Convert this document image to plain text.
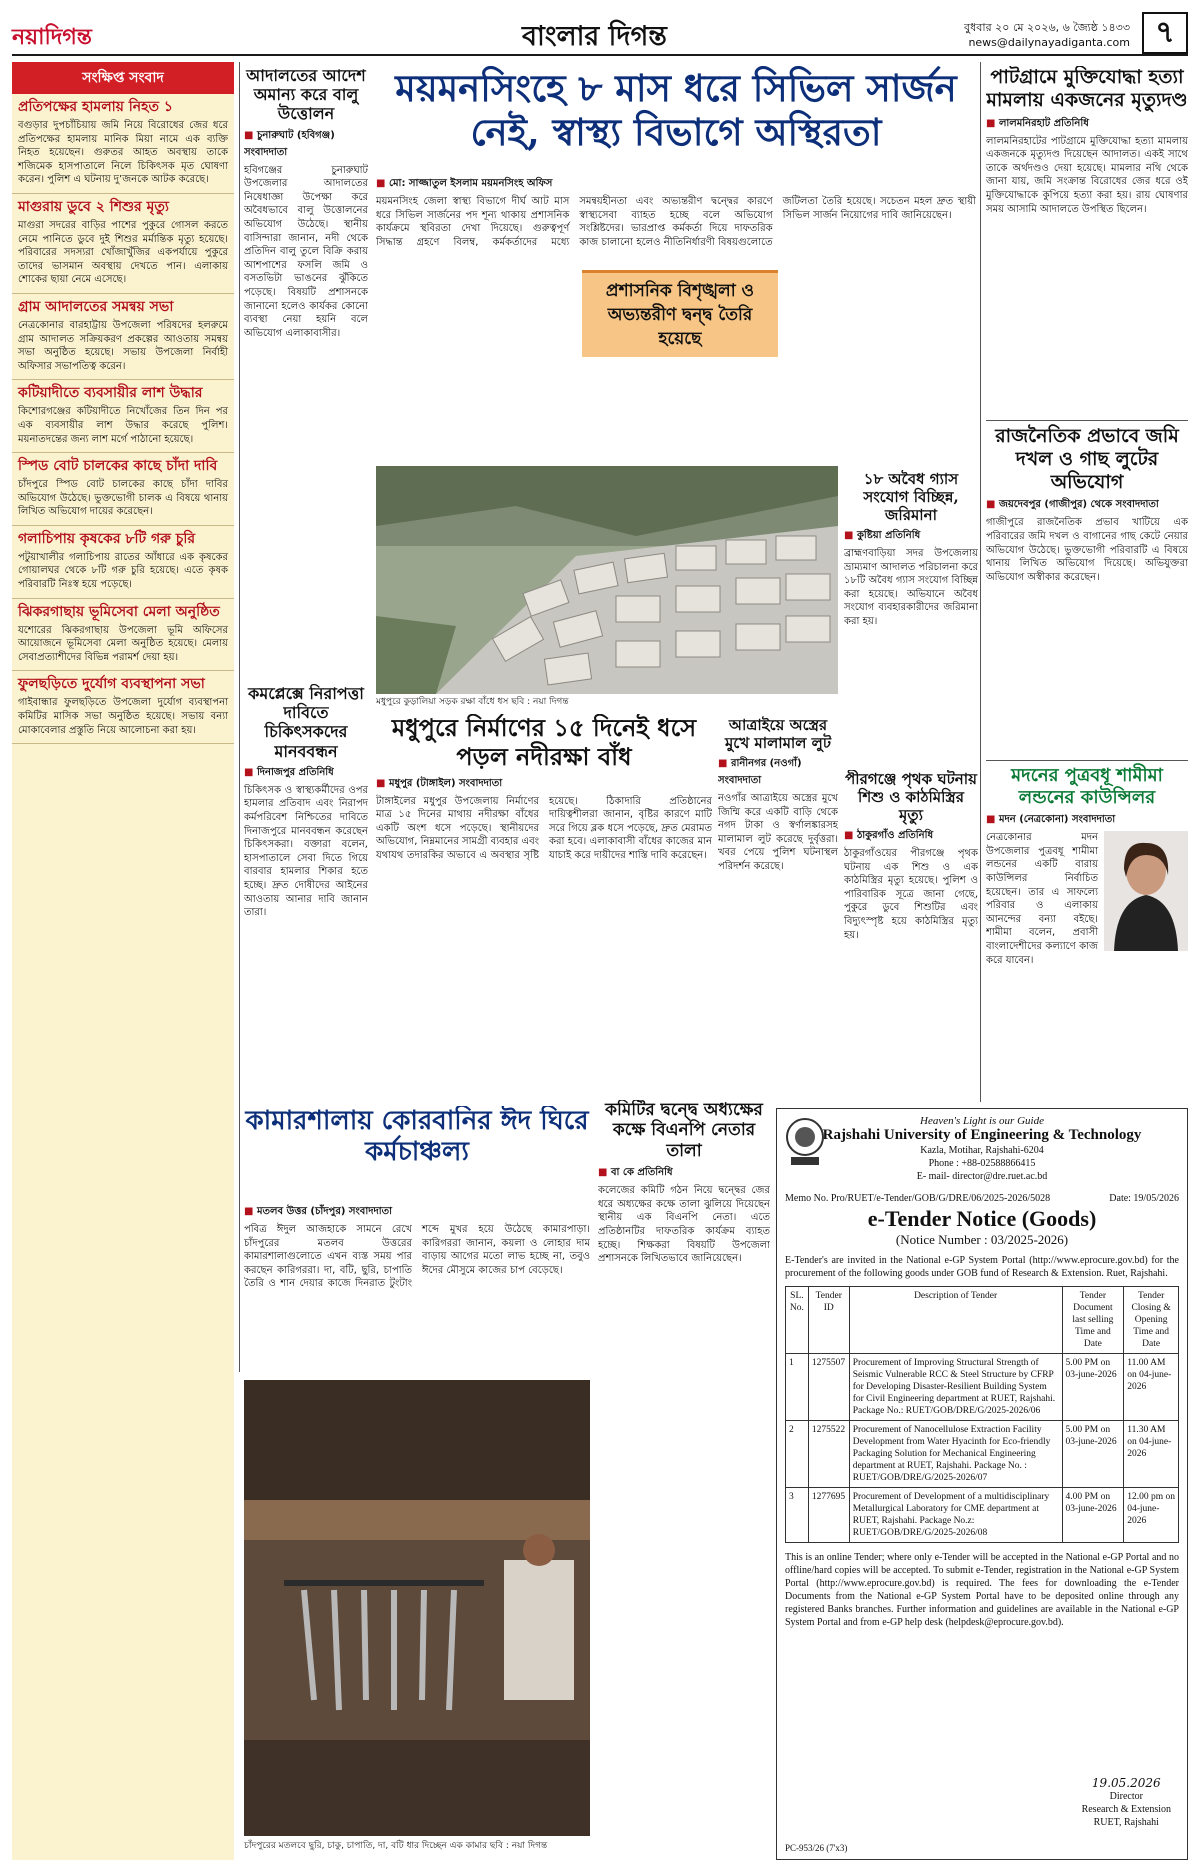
নয়াদিগন্ত	বাংলার দিগন্ত	বুধবার ২০ মে ২০২৬, ৬ জ্যৈষ্ঠ ১৪৩৩
news@dailynayadiganta.com ৭
সংক্ষিপ্ত সংবাদ
প্রতিপক্ষের হামলায় নিহত ১

বগুড়ার দুপচাঁচিয়ায় জমি নিয়ে বিরোধের জের ধরে প্রতিপক্ষের হামলায় মানিক মিয়া নামে এক ব্যক্তি নিহত হয়েছেন। গুরুতর আহত অবস্থায় তাকে শজিমেক হাসপাতালে নিলে চিকিৎসক মৃত ঘোষণা করেন। পুলিশ এ ঘটনায় দু’জনকে আটক করেছে।

মাগুরায় ডুবে ২ শিশুর মৃত্যু

মাগুরা সদরের বাড়ির পাশের পুকুরে গোসল করতে নেমে পানিতে ডুবে দুই শিশুর মর্মান্তিক মৃত্যু হয়েছে। পরিবারের সদস্যরা খোঁজাখুঁজির একপর্যায়ে পুকুরে তাদের ভাসমান অবস্থায় দেখতে পান। এলাকায় শোকের ছায়া নেমে এসেছে।

গ্রাম আদালতের সমন্বয় সভা

নেত্রকোনার বারহাট্টায় উপজেলা পরিষদের হলরুমে গ্রাম আদালত সক্রিয়করণ প্রকল্পের আওতায় সমন্বয় সভা অনুষ্ঠিত হয়েছে। সভায় উপজেলা নির্বাহী অফিসার সভাপতিত্ব করেন।

কটিয়াদীতে ব্যবসায়ীর লাশ উদ্ধার

কিশোরগঞ্জের কটিয়াদীতে নিখোঁজের তিন দিন পর এক ব্যবসায়ীর লাশ উদ্ধার করেছে পুলিশ। ময়নাতদন্তের জন্য লাশ মর্গে পাঠানো হয়েছে।

স্পিড বোট চালকের কাছে চাঁদা দাবি

চাঁদপুরে স্পিড বোট চালকের কাছে চাঁদা দাবির অভিযোগ উঠেছে। ভুক্তভোগী চালক এ বিষয়ে থানায় লিখিত অভিযোগ দায়ের করেছেন।

গলাচিপায় কৃষকের ৮টি গরু চুরি

পটুয়াখালীর গলাচিপায় রাতের আঁধারে এক কৃষকের গোয়ালঘর থেকে ৮টি গরু চুরি হয়েছে। এতে কৃষক পরিবারটি নিঃস্ব হয়ে পড়েছে।

ঝিকরগাছায় ভূমিসেবা মেলা অনুষ্ঠিত

যশোরের ঝিকরগাছায় উপজেলা ভূমি অফিসের আয়োজনে ভূমিসেবা মেলা অনুষ্ঠিত হয়েছে। মেলায় সেবাপ্রত্যাশীদের বিভিন্ন পরামর্শ দেয়া হয়।

ফুলছড়িতে দুর্যোগ ব্যবস্থাপনা সভা

গাইবান্ধার ফুলছড়িতে উপজেলা দুর্যোগ ব্যবস্থাপনা কমিটির মাসিক সভা অনুষ্ঠিত হয়েছে। সভায় বন্যা মোকাবেলার প্রস্তুতি নিয়ে আলোচনা করা হয়।

আদালতের আদেশ অমান্য করে বালু উত্তোলন
■ চুনারুঘাট (হবিগঞ্জ) সংবাদদাতা
হবিগঞ্জের চুনারুঘাট উপজেলার আদালতের নিষেধাজ্ঞা উপেক্ষা করে অবৈধভাবে বালু উত্তোলনের অভিযোগ উঠেছে। স্থানীয় বাসিন্দারা জানান, নদী থেকে প্রতিদিন বালু তুলে বিক্রি করায় আশপাশের ফসলি জমি ও বসতভিটা ভাঙনের ঝুঁকিতে পড়েছে। বিষয়টি প্রশাসনকে জানানো হলেও কার্যকর কোনো ব্যবস্থা নেয়া হয়নি বলে অভিযোগ এলাকাবাসীর।
কমপ্লেক্সে নিরাপত্তা দাবিতে চিকিৎসকদের মানববন্ধন
■ দিনাজপুর প্রতিনিধি
চিকিৎসক ও স্বাস্থ্যকর্মীদের ওপর হামলার প্রতিবাদ এবং নিরাপদ কর্মপরিবেশ নিশ্চিতের দাবিতে দিনাজপুরে মানববন্ধন করেছেন চিকিৎসকরা। বক্তারা বলেন, হাসপাতালে সেবা দিতে গিয়ে বারবার হামলার শিকার হতে হচ্ছে। দ্রুত দোষীদের আইনের আওতায় আনার দাবি জানান তারা।
ময়মনসিংহে ৮ মাস ধরে সিভিল সার্জন নেই, স্বাস্থ্য বিভাগে অস্থিরতা
■ মো: সাজ্জাতুল ইসলাম ময়মনসিংহ অফিস
ময়মনসিংহ জেলা স্বাস্থ্য বিভাগে দীর্ঘ আট মাস ধরে সিভিল সার্জনের পদ শূন্য থাকায় প্রশাসনিক কার্যক্রমে স্থবিরতা দেখা দিয়েছে। গুরুত্বপূর্ণ সিদ্ধান্ত গ্রহণে বিলম্ব, কর্মকর্তাদের মধ্যে সমন্বয়হীনতা এবং অভ্যন্তরীণ দ্বন্দ্বের কারণে স্বাস্থ্যসেবা ব্যাহত হচ্ছে বলে অভিযোগ সংশ্লিষ্টদের। ভারপ্রাপ্ত কর্মকর্তা দিয়ে দাফতরিক কাজ চালানো হলেও নীতিনির্ধারণী বিষয়গুলোতে জটিলতা তৈরি হয়েছে। সচেতন মহল দ্রুত স্থায়ী সিভিল সার্জন নিয়োগের দাবি জানিয়েছেন।
প্রশাসনিক বিশৃঙ্খলা ও অভ্যন্তরীণ দ্বন্দ্ব তৈরি হয়েছে
মধুপুরে কুড়ালিয়া সড়ক রক্ষা বাঁধে ধস ছবি : নয়া দিগন্ত
পাটগ্রামে মুক্তিযোদ্ধা হত্যা মামলায় একজনের মৃত্যুদণ্ড
■ লালমনিরহাট প্রতিনিধি
লালমনিরহাটের পাটগ্রামে মুক্তিযোদ্ধা হত্যা মামলায় একজনকে মৃত্যুদণ্ড দিয়েছেন আদালত। একই সাথে তাকে অর্থদণ্ডও দেয়া হয়েছে। মামলার নথি থেকে জানা যায়, জমি সংক্রান্ত বিরোধের জের ধরে ওই মুক্তিযোদ্ধাকে কুপিয়ে হত্যা করা হয়। রায় ঘোষণার সময় আসামি আদালতে উপস্থিত ছিলেন।
রাজনৈতিক প্রভাবে জমি দখল ও গাছ লুটের অভিযোগ
■ জয়দেবপুর (গাজীপুর) থেকে সংবাদদাতা
গাজীপুরে রাজনৈতিক প্রভাব খাটিয়ে এক পরিবারের জমি দখল ও বাগানের গাছ কেটে নেয়ার অভিযোগ উঠেছে। ভুক্তভোগী পরিবারটি এ বিষয়ে থানায় লিখিত অভিযোগ দিয়েছে। অভিযুক্তরা অভিযোগ অস্বীকার করেছেন।
১৮ অবৈধ গ্যাস সংযোগ বিচ্ছিন্ন, জরিমানা
■ কুষ্টিয়া প্রতিনিধি
ব্রাহ্মণবাড়িয়া সদর উপজেলায় ভ্রাম্যমাণ আদালত পরিচালনা করে ১৮টি অবৈধ গ্যাস সংযোগ বিচ্ছিন্ন করা হয়েছে। অভিযানে অবৈধ সংযোগ ব্যবহারকারীদের জরিমানা করা হয়।
মধুপুরে নির্মাণের ১৫ দিনেই ধসে পড়ল নদীরক্ষা বাঁধ
■ মধুপুর (টাঙ্গাইল) সংবাদদাতা
টাঙ্গাইলের মধুপুর উপজেলায় নির্মাণের মাত্র ১৫ দিনের মাথায় নদীরক্ষা বাঁধের একটি অংশ ধসে পড়েছে। স্থানীয়দের অভিযোগ, নিম্নমানের সামগ্রী ব্যবহার এবং যথাযথ তদারকির অভাবে এ অবস্থার সৃষ্টি হয়েছে। ঠিকাদারি প্রতিষ্ঠানের দায়িত্বশীলরা জানান, বৃষ্টির কারণে মাটি সরে গিয়ে ব্লক ধসে পড়েছে, দ্রুত মেরামত করা হবে। এলাকাবাসী বাঁধের কাজের মান যাচাই করে দায়ীদের শাস্তি দাবি করেছেন।
আত্রাইয়ে অস্ত্রের মুখে মালামাল লুট
■ রানীনগর (নওগাঁ) সংবাদদাতা
নওগাঁর আত্রাইয়ে অস্ত্রের মুখে জিম্মি করে একটি বাড়ি থেকে নগদ টাকা ও স্বর্ণালঙ্কারসহ মালামাল লুট করেছে দুর্বৃত্তরা। খবর পেয়ে পুলিশ ঘটনাস্থল পরিদর্শন করেছে।
পীরগঞ্জে পৃথক ঘটনায় শিশু ও কাঠমিস্ত্রির মৃত্যু
■ ঠাকুরগাঁও প্রতিনিধি
ঠাকুরগাঁওয়ের পীরগঞ্জে পৃথক ঘটনায় এক শিশু ও এক কাঠমিস্ত্রির মৃত্যু হয়েছে। পুলিশ ও পারিবারিক সূত্রে জানা গেছে, পুকুরে ডুবে শিশুটির এবং বিদ্যুৎস্পৃষ্ট হয়ে কাঠমিস্ত্রির মৃত্যু হয়।
মদনের পুত্রবধূ শামীমা লন্ডনের কাউন্সিলর
■ মদন (নেত্রকোনা) সংবাদদাতা
নেত্রকোনার মদন উপজেলার পুত্রবধূ শামীমা লন্ডনের একটি বারায় কাউন্সিলর নির্বাচিত হয়েছেন। তার এ সাফল্যে পরিবার ও এলাকায় আনন্দের বন্যা বইছে। শামীমা বলেন, প্রবাসী বাংলাদেশীদের কল্যাণে কাজ করে যাবেন।
কামারশালায় কোরবানির ঈদ ঘিরে কর্মচাঞ্চল্য
■ মতলব উত্তর (চাঁদপুর) সংবাদদাতা
পবিত্র ঈদুল আজহাকে সামনে রেখে চাঁদপুরের মতলব উত্তরের কামারশালাগুলোতে এখন ব্যস্ত সময় পার করছেন কারিগররা। দা, বটি, ছুরি, চাপাতি তৈরি ও শান দেয়ার কাজে দিনরাত টুংটাং শব্দে মুখর হয়ে উঠেছে কামারপাড়া। কারিগররা জানান, কয়লা ও লোহার দাম বাড়ায় আগের মতো লাভ হচ্ছে না, তবুও ঈদের মৌসুমে কাজের চাপ বেড়েছে।
চাঁদপুরের মতলবে ছুরি, চাকু, চাপাতি, দা, বটি ধার দিচ্ছেন এক কামার ছবি : নয়া দিগন্ত
কমিটির দ্বন্দ্বে অধ্যক্ষের কক্ষে বিএনপি নেতার তালা
■ বা কে প্রতিনিধি
কলেজের কমিটি গঠন নিয়ে দ্বন্দ্বের জের ধরে অধ্যক্ষের কক্ষে তালা ঝুলিয়ে দিয়েছেন স্থানীয় এক বিএনপি নেতা। এতে প্রতিষ্ঠানটির দাফতরিক কার্যক্রম ব্যাহত হচ্ছে। শিক্ষকরা বিষয়টি উপজেলা প্রশাসনকে লিখিতভাবে জানিয়েছেন।
Heaven's Light is our Guide
Rajshahi University of Engineering & Technology
Kazla, Motihar, Rajshahi-6204
Phone : +88-02588866415
E- mail- director@dre.ruet.ac.bd
Memo No. Pro/RUET/e-Tender/GOB/G/DRE/06/2025-2026/5028	Date: 19/05/2026
e-Tender Notice (Goods)
(Notice Number : 03/2025-2026)
E-Tender's are invited in the National e-GP System Portal (http://www.eprocure.gov.bd) for the procurement of the following goods under GOB fund of Research & Extension. Ruet, Rajshahi.
SL. No.	Tender ID	Description of Tender	Tender Document last selling Time and Date	Tender Closing & Opening Time and Date
1	1275507	Procurement of Improving Structural Strength of Seismic Vulnerable RCC & Steel Structure by CFRP for Developing Disaster-Resilient Building System for Civil Engineering department at RUET, Rajshahi. Package No.: RUET/GOB/DRE/G/2025-2026/06	5.00 PM on 03-june-2026	11.00 AM on 04-june-2026
2	1275522	Procurement of Nanocellulose Extraction Facility Development from Water Hyacinth for Eco-friendly Packaging Solution for Mechanical Engineering department at RUET, Rajshahi. Package No. : RUET/GOB/DRE/G/2025-2026/07	5.00 PM on 03-june-2026	11.30 AM on 04-june-2026
3	1277695	Procurement of Development of a multidisciplinary Metallurgical Laboratory for CME department at RUET, Rajshahi. Package No.z: RUET/GOB/DRE/G/2025-2026/08	4.00 PM on 03-june-2026	12.00 pm on 04-june-2026
This is an online Tender; where only e-Tender will be accepted in the National e-GP Portal and no offline/hard copies will be accepted. To submit e-Tender, registration in the National e-GP System Portal (http://www.eprocure.gov.bd) is required. The fees for downloading the e-Tender Documents from the National e-GP System Portal have to be deposited online through any registered Banks branches. Further information and guidelines are available in the National e-GP System Portal and from e-GP help desk (helpdesk@eprocure.gov.bd).
19.05.2026
Director
Research & Extension
RUET, Rajshahi
PC-953/26 (7'x3)
